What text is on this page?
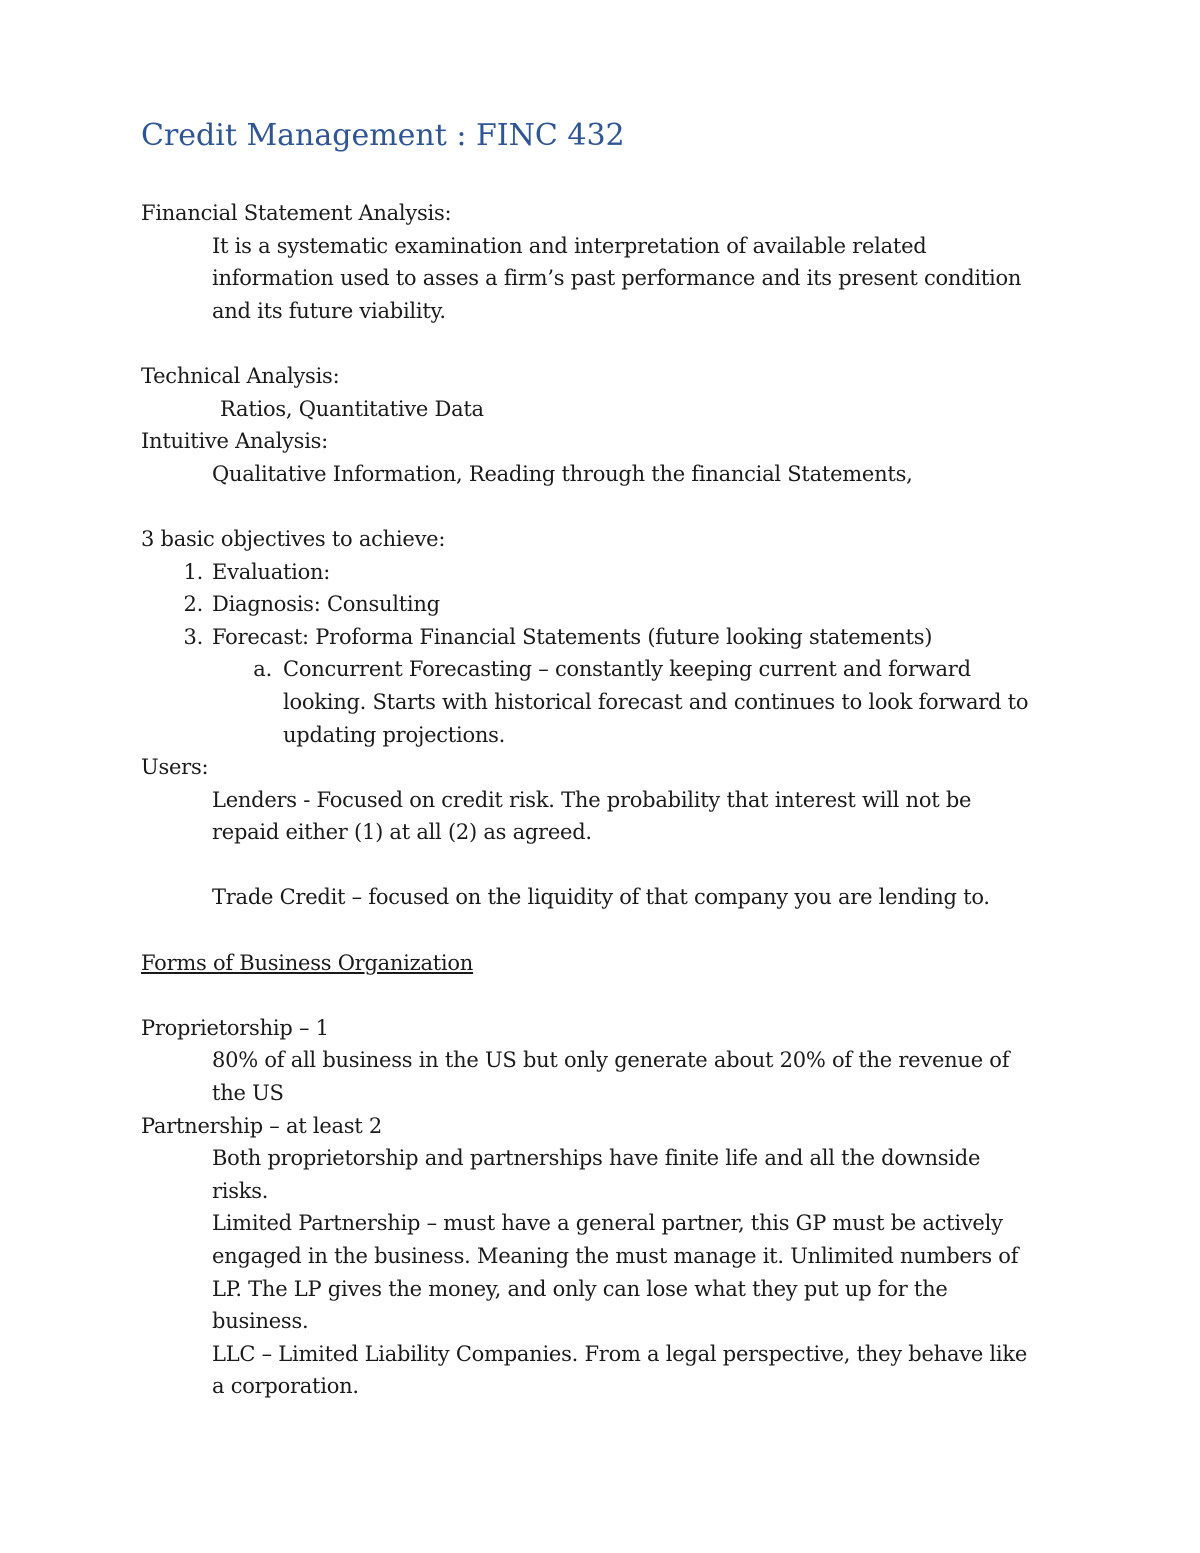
Credit Management : FINC 432
Financial Statement Analysis:
It is a systematic examination and interpretation of available related
information used to asses a firm’s past performance and its present condition
and its future viability.
Technical Analysis:
Ratios, Quantitative Data
Intuitive Analysis:
Qualitative Information, Reading through the financial Statements,
3 basic objectives to achieve:
1. Evaluation:
2. Diagnosis: Consulting
3. Forecast: Proforma Financial Statements (future looking statements)
a. Concurrent Forecasting – constantly keeping current and forward
looking. Starts with historical forecast and continues to look forward to
updating projections.
Users:
Lenders - Focused on credit risk. The probability that interest will not be
repaid either (1) at all (2) as agreed.
Trade Credit – focused on the liquidity of that company you are lending to.
Forms of Business Organization
Proprietorship – 1
80% of all business in the US but only generate about 20% of the revenue of
the US
Partnership – at least 2
Both proprietorship and partnerships have finite life and all the downside
risks.
Limited Partnership – must have a general partner, this GP must be actively
engaged in the business. Meaning the must manage it. Unlimited numbers of
LP. The LP gives the money, and only can lose what they put up for the
business.
LLC – Limited Liability Companies. From a legal perspective, they behave like
a corporation.
